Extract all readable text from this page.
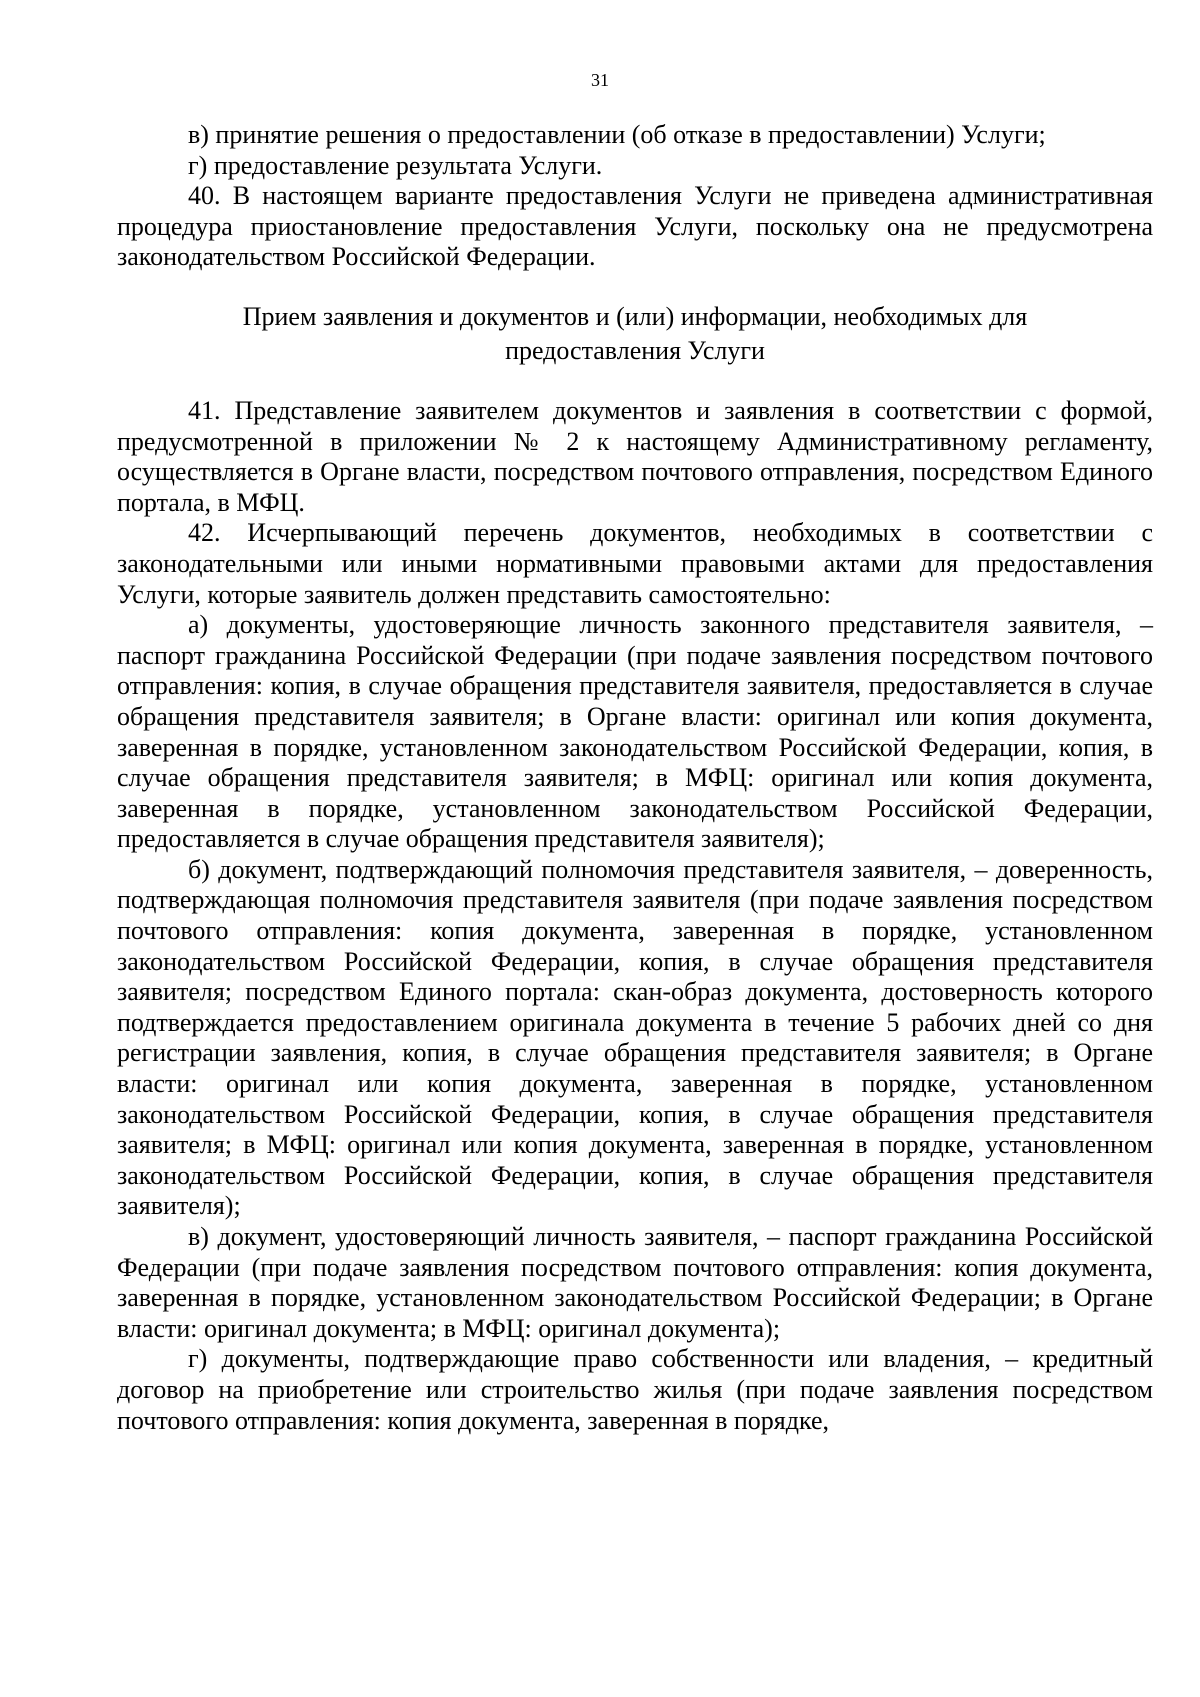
31

в) принятие решения о предоставлении (об отказе в предоставлении) Услуги;

г) предоставление результата Услуги.

40. В настоящем варианте предоставления Услуги не приведена административная процедура приостановление предоставления Услуги, поскольку она не предусмотрена законодательством Российской Федерации.

Прием заявления и документов и (или) информации, необходимых для предоставления Услуги

41. Представление заявителем документов и заявления в соответствии с формой, предусмотренной в приложении № 2 к настоящему Административному регламенту, осуществляется в Органе власти, посредством почтового отправления, посредством Единого портала, в МФЦ.

42. Исчерпывающий перечень документов, необходимых в соответствии с законодательными или иными нормативными правовыми актами для предоставления Услуги, которые заявитель должен представить самостоятельно:

а) документы, удостоверяющие личность законного представителя заявителя, – паспорт гражданина Российской Федерации (при подаче заявления посредством почтового отправления: копия, в случае обращения представителя заявителя, предоставляется в случае обращения представителя заявителя; в Органе власти: оригинал или копия документа, заверенная в порядке, установленном законодательством Российской Федерации, копия, в случае обращения представителя заявителя; в МФЦ: оригинал или копия документа, заверенная в порядке, установленном законодательством Российской Федерации, предоставляется в случае обращения представителя заявителя);

б) документ, подтверждающий полномочия представителя заявителя, – доверенность, подтверждающая полномочия представителя заявителя (при подаче заявления посредством почтового отправления: копия документа, заверенная в порядке, установленном законодательством Российской Федерации, копия, в случае обращения представителя заявителя; посредством Единого портала: скан-образ документа, достоверность которого подтверждается предоставлением оригинала документа в течение 5 рабочих дней со дня регистрации заявления, копия, в случае обращения представителя заявителя; в Органе власти: оригинал или копия документа, заверенная в порядке, установленном законодательством Российской Федерации, копия, в случае обращения представителя заявителя; в МФЦ: оригинал или копия документа, заверенная в порядке, установленном законодательством Российской Федерации, копия, в случае обращения представителя заявителя);

в) документ, удостоверяющий личность заявителя, – паспорт гражданина Российской Федерации (при подаче заявления посредством почтового отправления: копия документа, заверенная в порядке, установленном законодательством Российской Федерации; в Органе власти: оригинал документа; в МФЦ: оригинал документа);

г) документы, подтверждающие право собственности или владения, – кредитный договор на приобретение или строительство жилья (при подаче заявления посредством почтового отправления: копия документа, заверенная в порядке,
